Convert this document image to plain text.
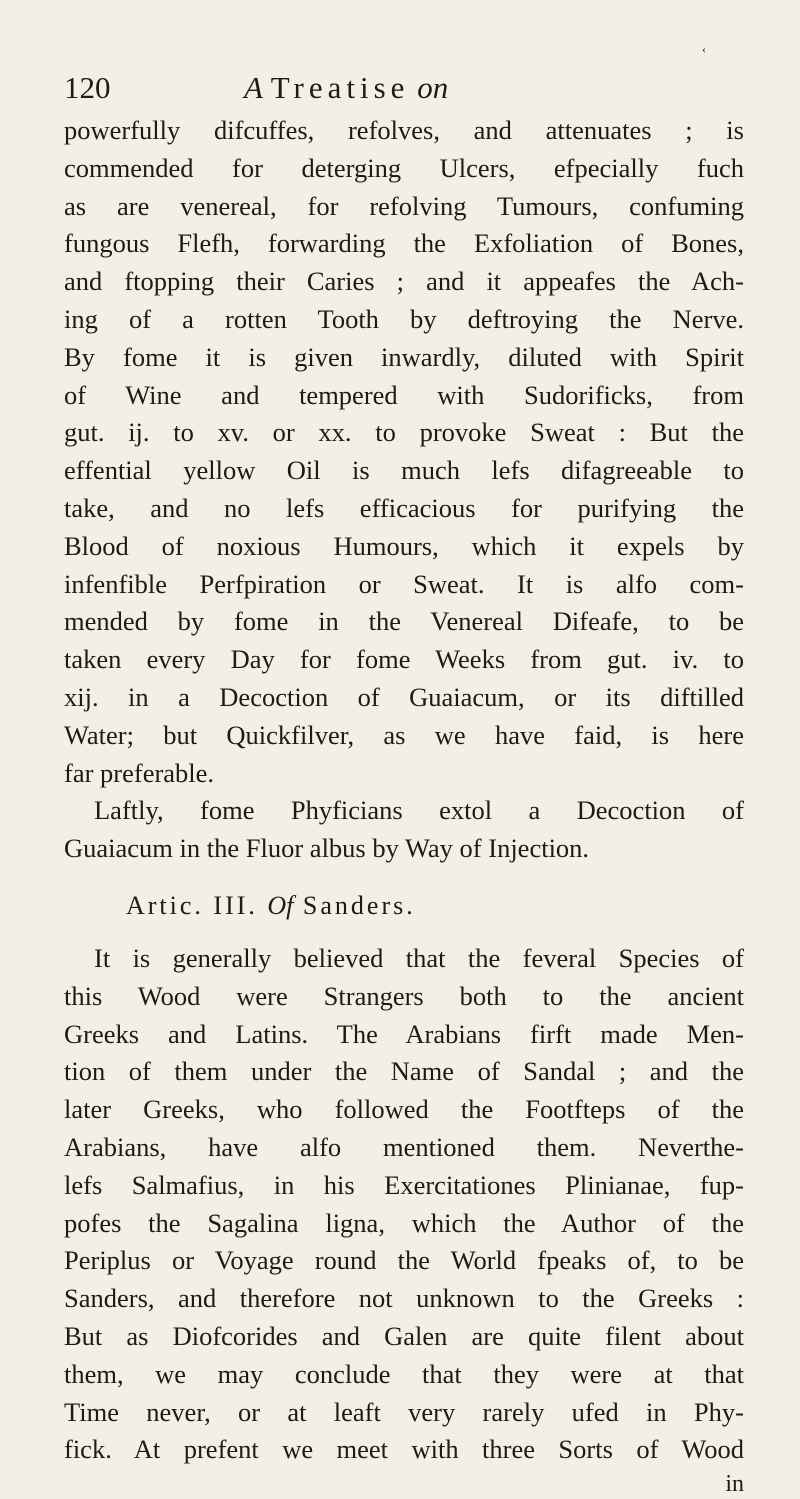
120	A Treatise on
‹
powerfully difcuffes, refolves, and attenuates ; is
commended for deterging Ulcers, efpecially fuch
as are venereal, for refolving Tumours, confuming
fungous Flefh, forwarding the Exfoliation of Bones,
and ftopping their Caries ; and it appeafes the Ach-
ing of a rotten Tooth by deftroying the Nerve.
By fome it is given inwardly, diluted with Spirit
of Wine and tempered with Sudorificks, from
gut. ij. to xv. or xx. to provoke Sweat : But the
effential yellow Oil is much lefs difagreeable to
take, and no lefs efficacious for purifying the
Blood of noxious Humours, which it expels by
infenfible Perfpiration or Sweat. It is alfo com-
mended by fome in the Venereal Difeafe, to be
taken every Day for fome Weeks from gut. iv. to
xij. in a Decoction of Guaiacum, or its diftilled
Water; but Quickfilver, as we have faid, is here
far preferable.
Laftly, fome Phyficians extol a Decoction of
Guaiacum in the Fluor albus by Way of Injection.
Artic. III. Of Sanders.
It is generally believed that the feveral Species of
this Wood were Strangers both to the ancient
Greeks and Latins. The Arabians firft made Men-
tion of them under the Name of Sandal ; and the
later Greeks, who followed the Footfteps of the
Arabians, have alfo mentioned them. Neverthe-
lefs Salmafius, in his Exercitationes Plinianae, fup-
pofes the Sagalina ligna, which the Author of the
Periplus or Voyage round the World fpeaks of, to be
Sanders, and therefore not unknown to the Greeks :
But as Diofcorides and Galen are quite filent about
them, we may conclude that they were at that
Time never, or at leaft very rarely ufed in Phy-
fick. At prefent we meet with three Sorts of Wood
in
